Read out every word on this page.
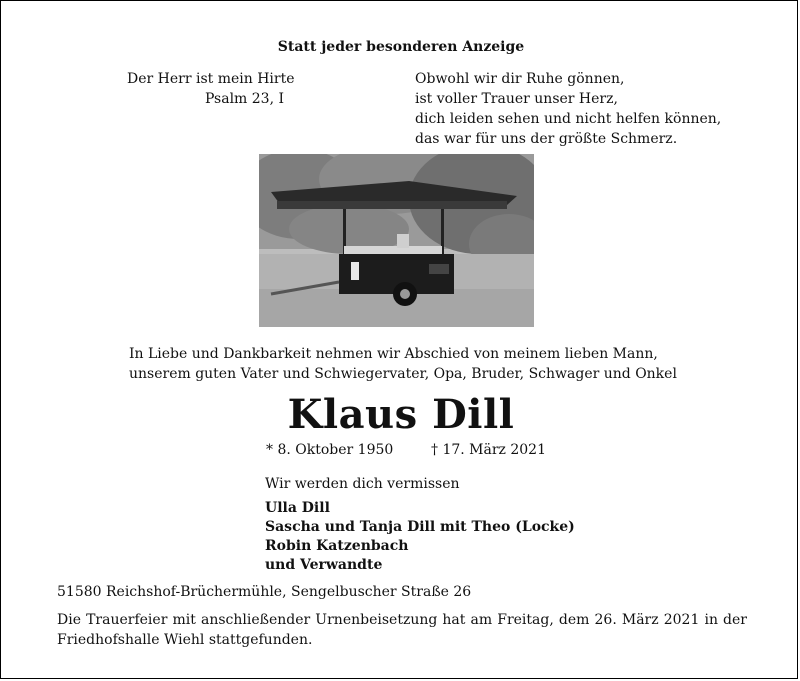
Statt jeder besonderen Anzeige
Der Herr ist mein Hirte
Psalm 23, I
Obwohl wir dir Ruhe gönnen,
ist voller Trauer unser Herz,
dich leiden sehen und nicht helfen können,
das war für uns der größte Schmerz.
In Liebe und Dankbarkeit nehmen wir Abschied von meinem lieben Mann,
unserem guten Vater und Schwiegervater, Opa, Bruder, Schwager und Onkel
Klaus Dill
* 8. Oktober 1950	† 17. März 2021
Wir werden dich vermissen
Ulla Dill
Sascha und Tanja Dill mit Theo (Locke)
Robin Katzenbach
und Verwandte
51580 Reichshof-Brüchermühle, Sengelbuscher Straße 26
Die Trauerfeier mit anschließender Urnenbeisetzung hat am Freitag, dem 26. März 2021 in der Friedhofshalle Wiehl stattgefunden.
